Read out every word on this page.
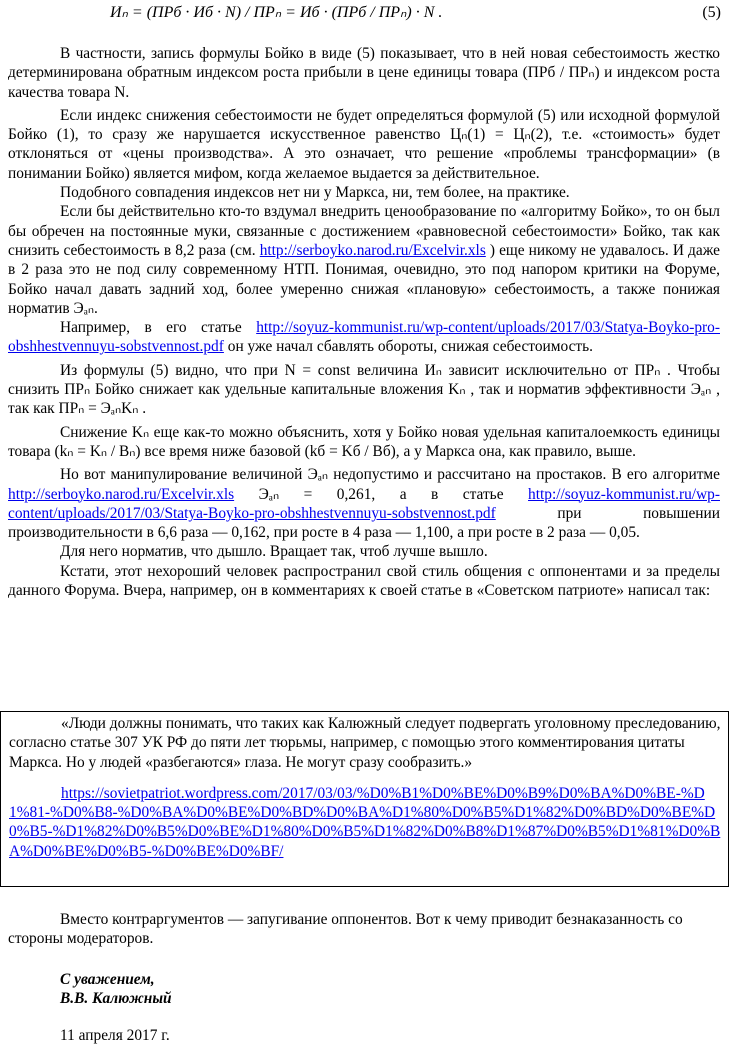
Иₙ = (ПРб · Иб · N) / ПРₙ = Иб · (ПРб / ПРₙ) · N .	(5)

В частности, запись формулы Бойко в виде (5) показывает, что в ней новая себестоимость жестко детерминирована обратным индексом роста прибыли в цене единицы товара (ПРб / ПРₙ) и индексом роста качества товара N.

Если индекс снижения себестоимости не будет определяться формулой (5) или исходной формулой Бойко (1), то сразу же нарушается искусственное равенство Цₙ(1) = Цₙ(2), т.е. «стоимость» будет отклоняться от «цены производства». А это означает, что решение «проблемы трансформации» (в понимании Бойко) является мифом, когда желаемое выдается за действительное.

Подобного совпадения индексов нет ни у Маркса, ни, тем более, на практике.

Если бы действительно кто-то вздумал внедрить ценообразование по «алгоритму Бойко», то он был бы обречен на постоянные муки, связанные с достижением «равновесной себестоимости» Бойко, так как снизить себестоимость в 8,2 раза (см. http://serboyko.narod.ru/Excelvir.xls ) еще никому не удавалось. И даже в 2 раза это не под силу современному НТП. Понимая, очевидно, это под напором критики на Форуме, Бойко начал давать задний ход, более умеренно снижая «плановую» себестоимость, а также понижая норматив Эₐₙ.

Например, в его статье http://soyuz-kommunist.ru/wp-content/uploads/2017/03/Statya-Boyko-pro-obshhestvennuyu-sobstvennost.pdf он уже начал сбавлять обороты, снижая себестоимость.

Из формулы (5) видно, что при N = const величина Иₙ зависит исключительно от ПРₙ . Чтобы снизить ПРₙ Бойко снижает как удельные капитальные вложения Kₙ , так и норматив эффективности Эₐₙ , так как ПРₙ = ЭₐₙKₙ .

Снижение Kₙ еще как-то можно объяснить, хотя у Бойко новая удельная капиталоемкость единицы товара (kₙ = Kₙ / Bₙ) все время ниже базовой (kб = Kб / Bб), а у Маркса она, как правило, выше.

Но вот манипулирование величиной Эₐₙ недопустимо и рассчитано на простаков. В его алгоритме http://serboyko.narod.ru/Excelvir.xls Эₐₙ = 0,261, а в статье http://soyuz-kommunist.ru/wp-content/uploads/2017/03/Statya-Boyko-pro-obshhestvennuyu-sobstvennost.pdf	при повышении производительности в 6,6 раза — 0,162, при росте в 4 раза — 1,100, а при росте в 2 раза — 0,05.

Для него норматив, что дышло. Вращает так, чтоб лучше вышло.

Кстати, этот нехороший человек распространил свой стиль общения с оппонентами и за пределы данного Форума. Вчера, например, он в комментариях к своей статье в «Советском патриоте» написал так:

«Люди должны понимать, что таких как Калюжный следует подвергать уголовному преследованию, согласно статье 307 УК РФ до пяти лет тюрьмы, например, с помощью этого комментирования цитаты Маркса. Но у людей «разбегаются» глаза. Не могут сразу сообразить.»

https://sovietpatriot.wordpress.com/2017/03/03/%D0%B1%D0%BE%D0%B9%D0%BA%D0%BE-%D1%81-%D0%B8-%D0%BA%D0%BE%D0%BD%D0%BA%D1%80%D0%B5%D1%82%D0%BD%D0%BE%D0%B5-%D1%82%D0%B5%D0%BE%D1%80%D0%B5%D1%82%D0%B8%D1%87%D0%B5%D1%81%D0%BA%D0%BE%D0%B5-%D0%BE%D0%BF/

Вместо контраргументов — запугивание оппонентов. Вот к чему приводит безнаказанность со стороны модераторов.

С уважением,
В.В. Калюжный
11 апреля 2017 г.
